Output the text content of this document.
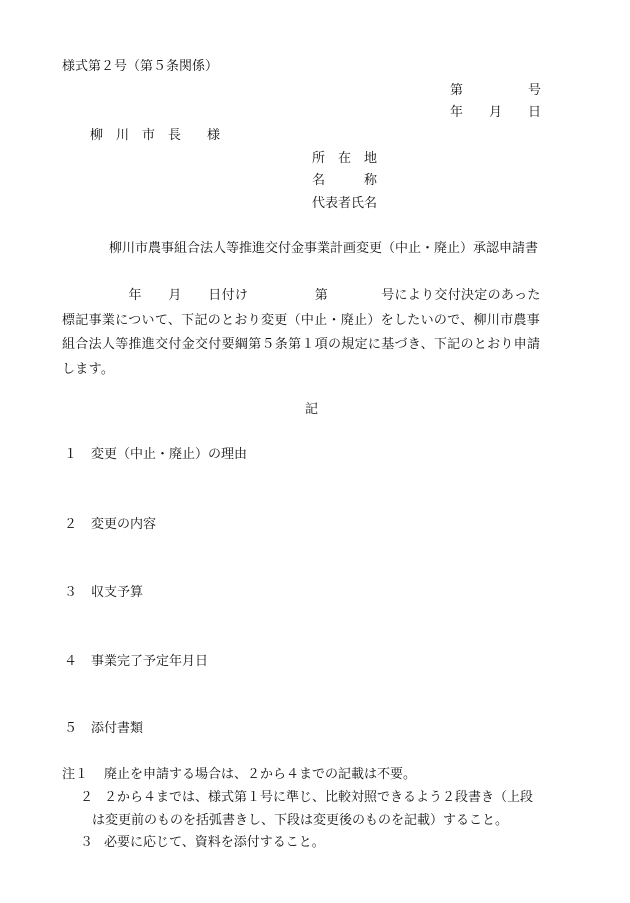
様式第２号（第５条関係）
第　　　　　号
年　　月　　日
柳　川　市　長　　様
所　在　地
名　　　称
代表者氏名
柳川市農事組合法人等推進交付金事業計画変更（中止・廃止）承認申請書
　　　　　年　　月　　日付け　　　　　第　　　　号により交付決定のあった
標記事業について、下記のとおり変更（中止・廃止）をしたいので、柳川市農事
組合法人等推進交付金交付要綱第５条第１項の規定に基づき、下記のとおり申請
します。
記
１ 変更（中止・廃止）の理由
２ 変更の内容
３ 収支予算
４ 事業完了予定年月日
５ 添付書類
注１ 廃止を申請する場合は、２から４までの記載は不要。
２ ２から４までは、様式第１号に準じ、比較対照できるよう２段書き（上段
は変更前のものを括弧書きし、下段は変更後のものを記載）すること。
３ 必要に応じて、資料を添付すること。
